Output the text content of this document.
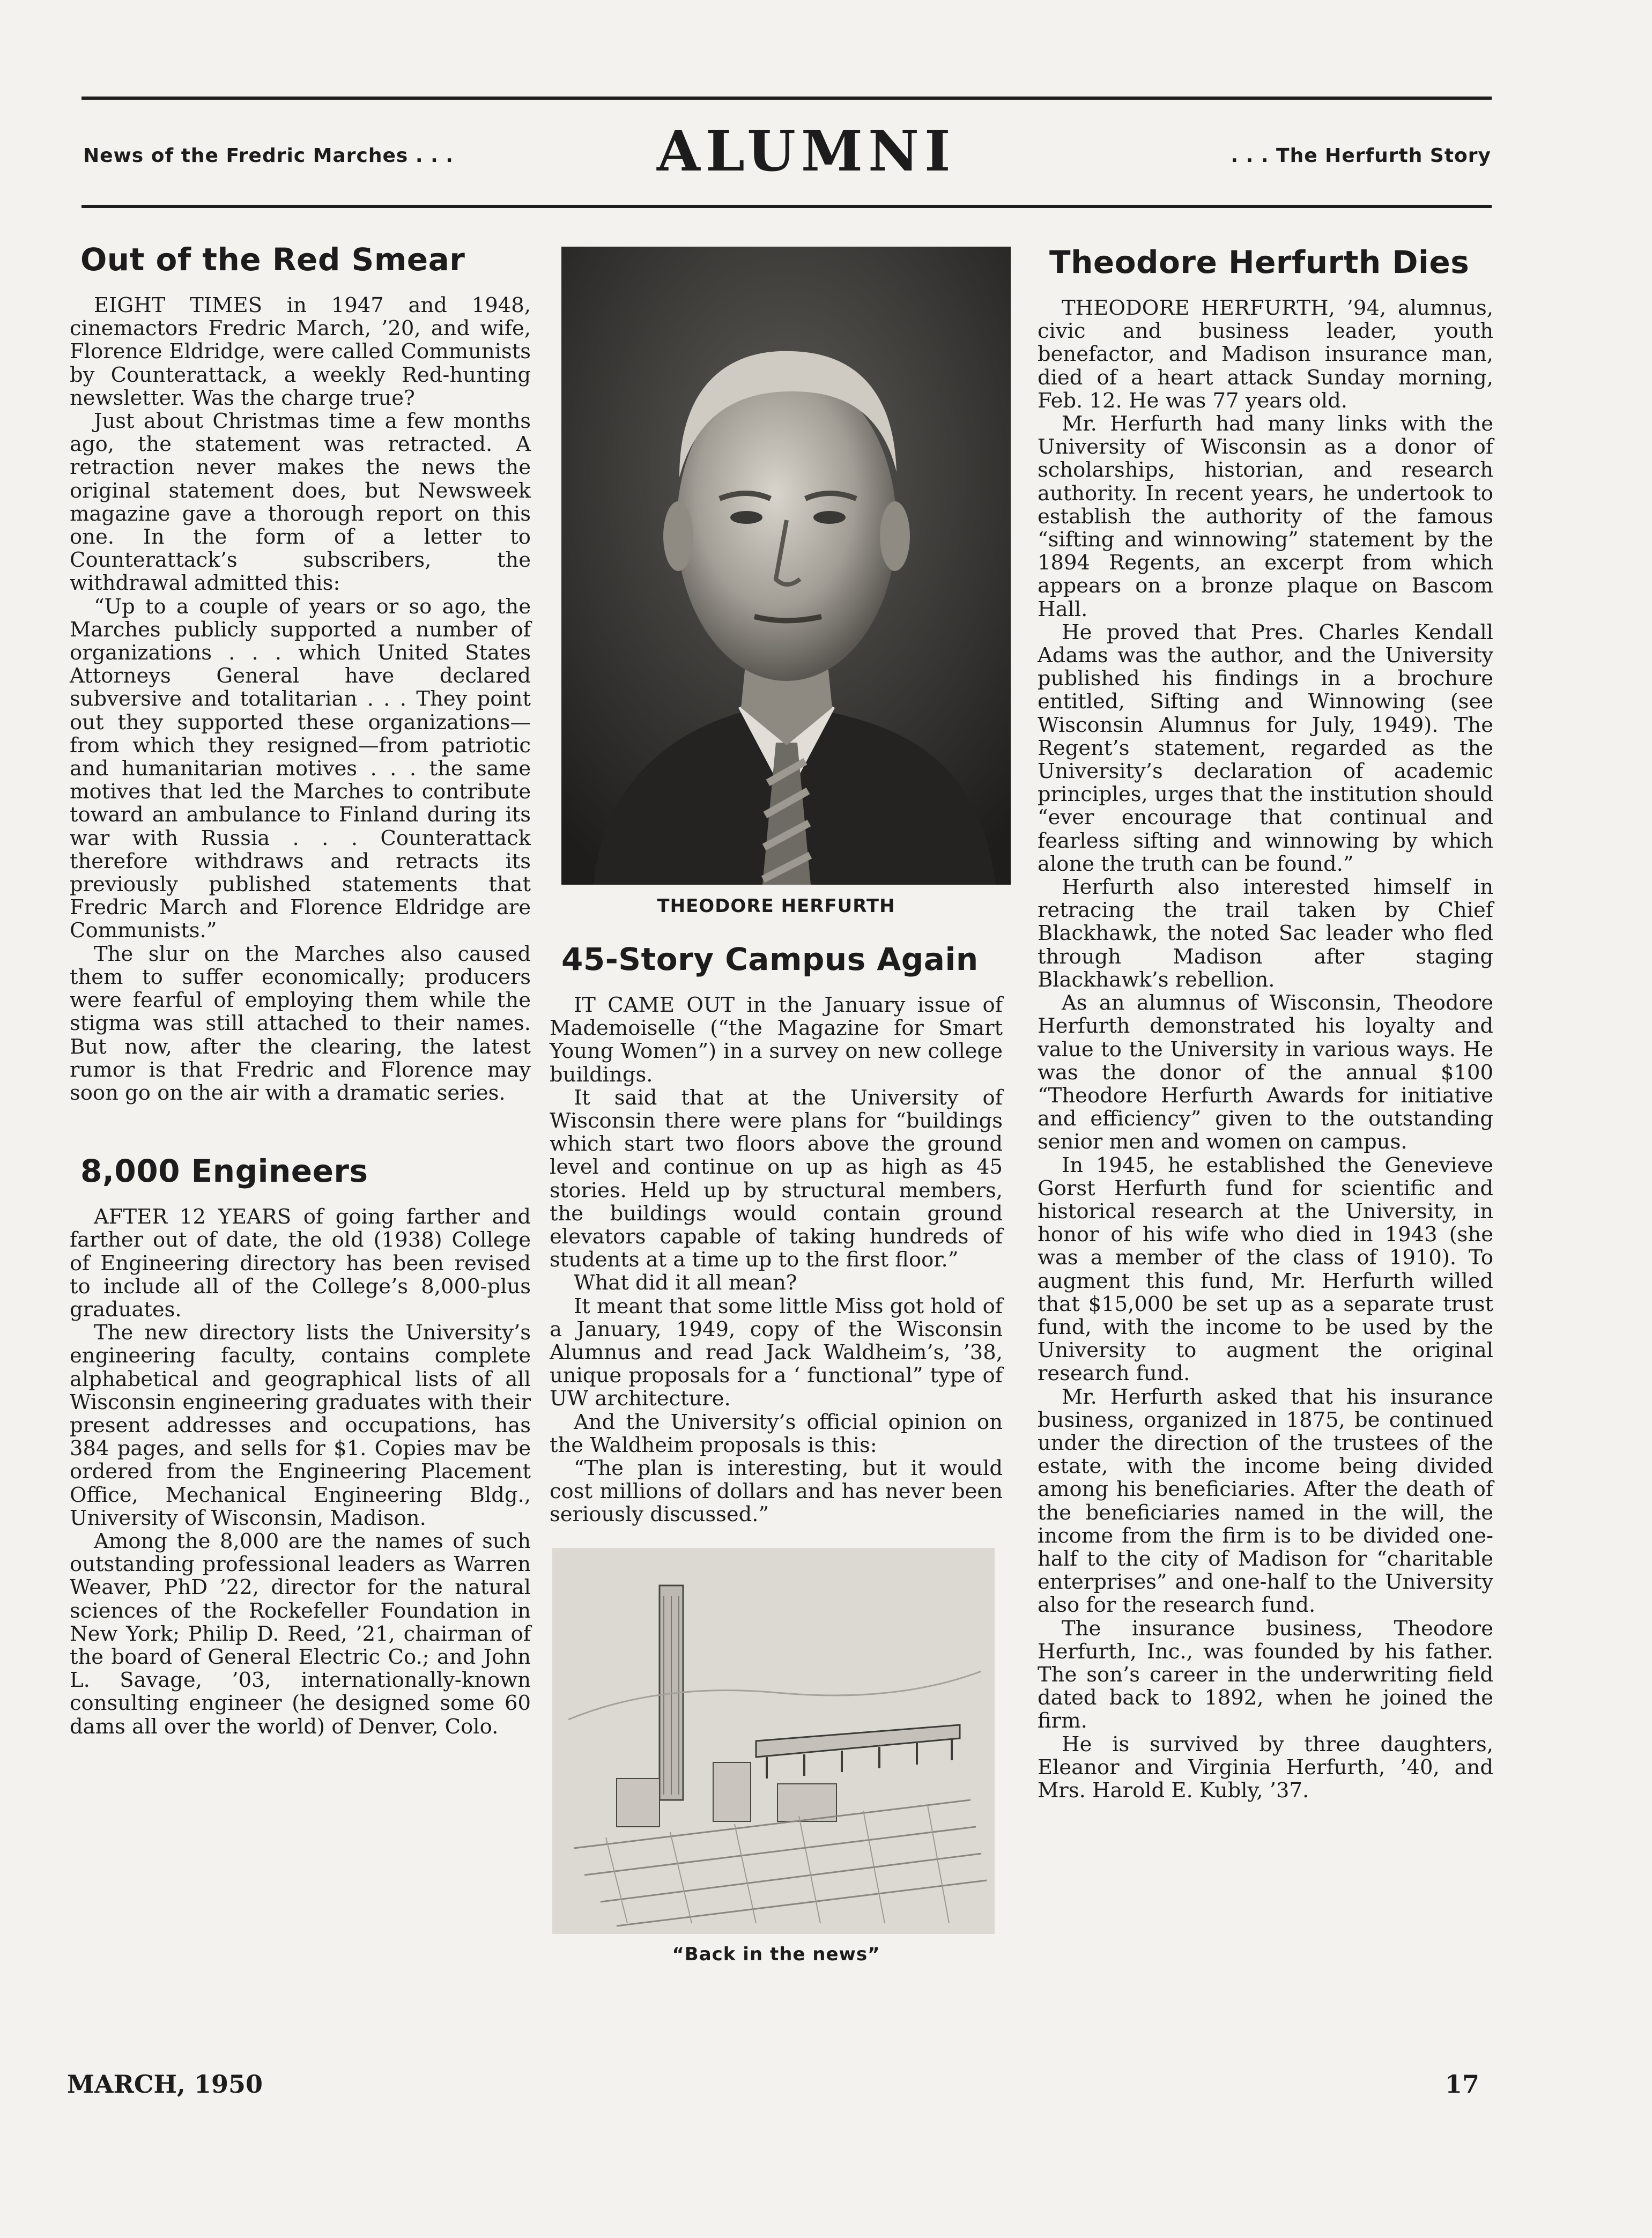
News of the Fredric Marches . . .	ALUMNI	. . . The Herfurth Story
Out of the Red Smear

EIGHT TIMES in 1947 and 1948, cinemactors Fredric March, ’20, and wife, Florence Eldridge, were called Communists by Counterattack, a weekly Red-hunting newsletter. Was the charge true?

Just about Christmas time a few months ago, the statement was retracted. A retraction never makes the news the original statement does, but Newsweek magazine gave a thorough report on this one. In the form of a letter to Counterattack’s subscribers, the withdrawal admitted this:

“Up to a couple of years or so ago, the Marches publicly supported a number of organizations . . . which United States Attorneys General have declared subversive and totalitarian . . . They point out they supported these organizations—from which they resigned—from patriotic and humanitarian motives . . . the same motives that led the Marches to contribute toward an ambulance to Finland during its war with Russia . . . Counterattack therefore withdraws and retracts its previously published statements that Fredric March and Florence Eldridge are Communists.”

The slur on the Marches also caused them to suffer economically; producers were fearful of employing them while the stigma was still attached to their names. But now, after the clearing, the latest rumor is that Fredric and Florence may soon go on the air with a dramatic series.

8,000 Engineers

AFTER 12 YEARS of going farther and farther out of date, the old (1938) College of Engineering directory has been revised to include all of the College’s 8,000-plus graduates.

The new directory lists the University’s engineering faculty, contains complete alphabetical and geographical lists of all Wisconsin engineering graduates with their present addresses and occupations, has 384 pages, and sells for $1. Copies mav be ordered from the Engineering Placement Office, Mechanical Engineering Bldg., University of Wisconsin, Madison.

Among the 8,000 are the names of such outstanding professional leaders as Warren Weaver, PhD ’22, director for the natural sciences of the Rockefeller Foundation in New York; Philip D. Reed, ’21, chairman of the board of General Electric Co.; and John L. Savage, ’03, internationally-known consulting engineer (he designed some 60 dams all over the world) of Denver, Colo.

THEODORE HERFURTH

45-Story Campus Again

IT CAME OUT in the January issue of Mademoiselle (“the Magazine for Smart Young Women”) in a survey on new college buildings.

It said that at the University of Wisconsin there were plans for “buildings which start two floors above the ground level and continue on up as high as 45 stories. Held up by structural members, the buildings would contain ground elevators capable of taking hundreds of students at a time up to the first floor.”

What did it all mean?

It meant that some little Miss got hold of a January, 1949, copy of the Wisconsin Alumnus and read Jack Waldheim’s, ’38, unique proposals for a ‘ functional” type of UW architecture.

And the University’s official opinion on the Waldheim proposals is this:

“The plan is interesting, but it would cost millions of dollars and has never been seriously discussed.”

“Back in the news”

Theodore Herfurth Dies

THEODORE HERFURTH, ’94, alumnus, civic and business leader, youth benefactor, and Madison insurance man, died of a heart attack Sunday morning, Feb. 12. He was 77 years old.

Mr. Herfurth had many links with the University of Wisconsin as a donor of scholarships, historian, and research authority. In recent years, he undertook to establish the authority of the famous “sifting and winnowing” statement by the 1894 Regents, an excerpt from which appears on a bronze plaque on Bascom Hall.

He proved that Pres. Charles Kendall Adams was the author, and the University published his findings in a brochure entitled, Sifting and Winnowing (see Wisconsin Alumnus for July, 1949). The Regent’s statement, regarded as the University’s declaration of academic principles, urges that the institution should “ever encourage that continual and fearless sifting and winnowing by which alone the truth can be found.”

Herfurth also interested himself in retracing the trail taken by Chief Blackhawk, the noted Sac leader who fled through Madison after staging Blackhawk’s rebellion.

As an alumnus of Wisconsin, Theodore Herfurth demonstrated his loyalty and value to the University in various ways. He was the donor of the annual $100 “Theodore Herfurth Awards for initiative and efficiency” given to the outstanding senior men and women on campus.

In 1945, he established the Genevieve Gorst Herfurth fund for scientific and historical research at the University, in honor of his wife who died in 1943 (she was a member of the class of 1910). To augment this fund, Mr. Herfurth willed that $15,000 be set up as a separate trust fund, with the income to be used by the University to augment the original research fund.

Mr. Herfurth asked that his insurance business, organized in 1875, be continued under the direction of the trustees of the estate, with the income being divided among his beneficiaries. After the death of the beneficiaries named in the will, the income from the firm is to be divided one-half to the city of Madison for “charitable enterprises” and one-half to the University also for the research fund.

The insurance business, Theodore Herfurth, Inc., was founded by his father. The son’s career in the underwriting field dated back to 1892, when he joined the firm.

He is survived by three daughters, Eleanor and Virginia Herfurth, ’40, and Mrs. Harold E. Kubly, ’37.

MARCH, 1950	17
